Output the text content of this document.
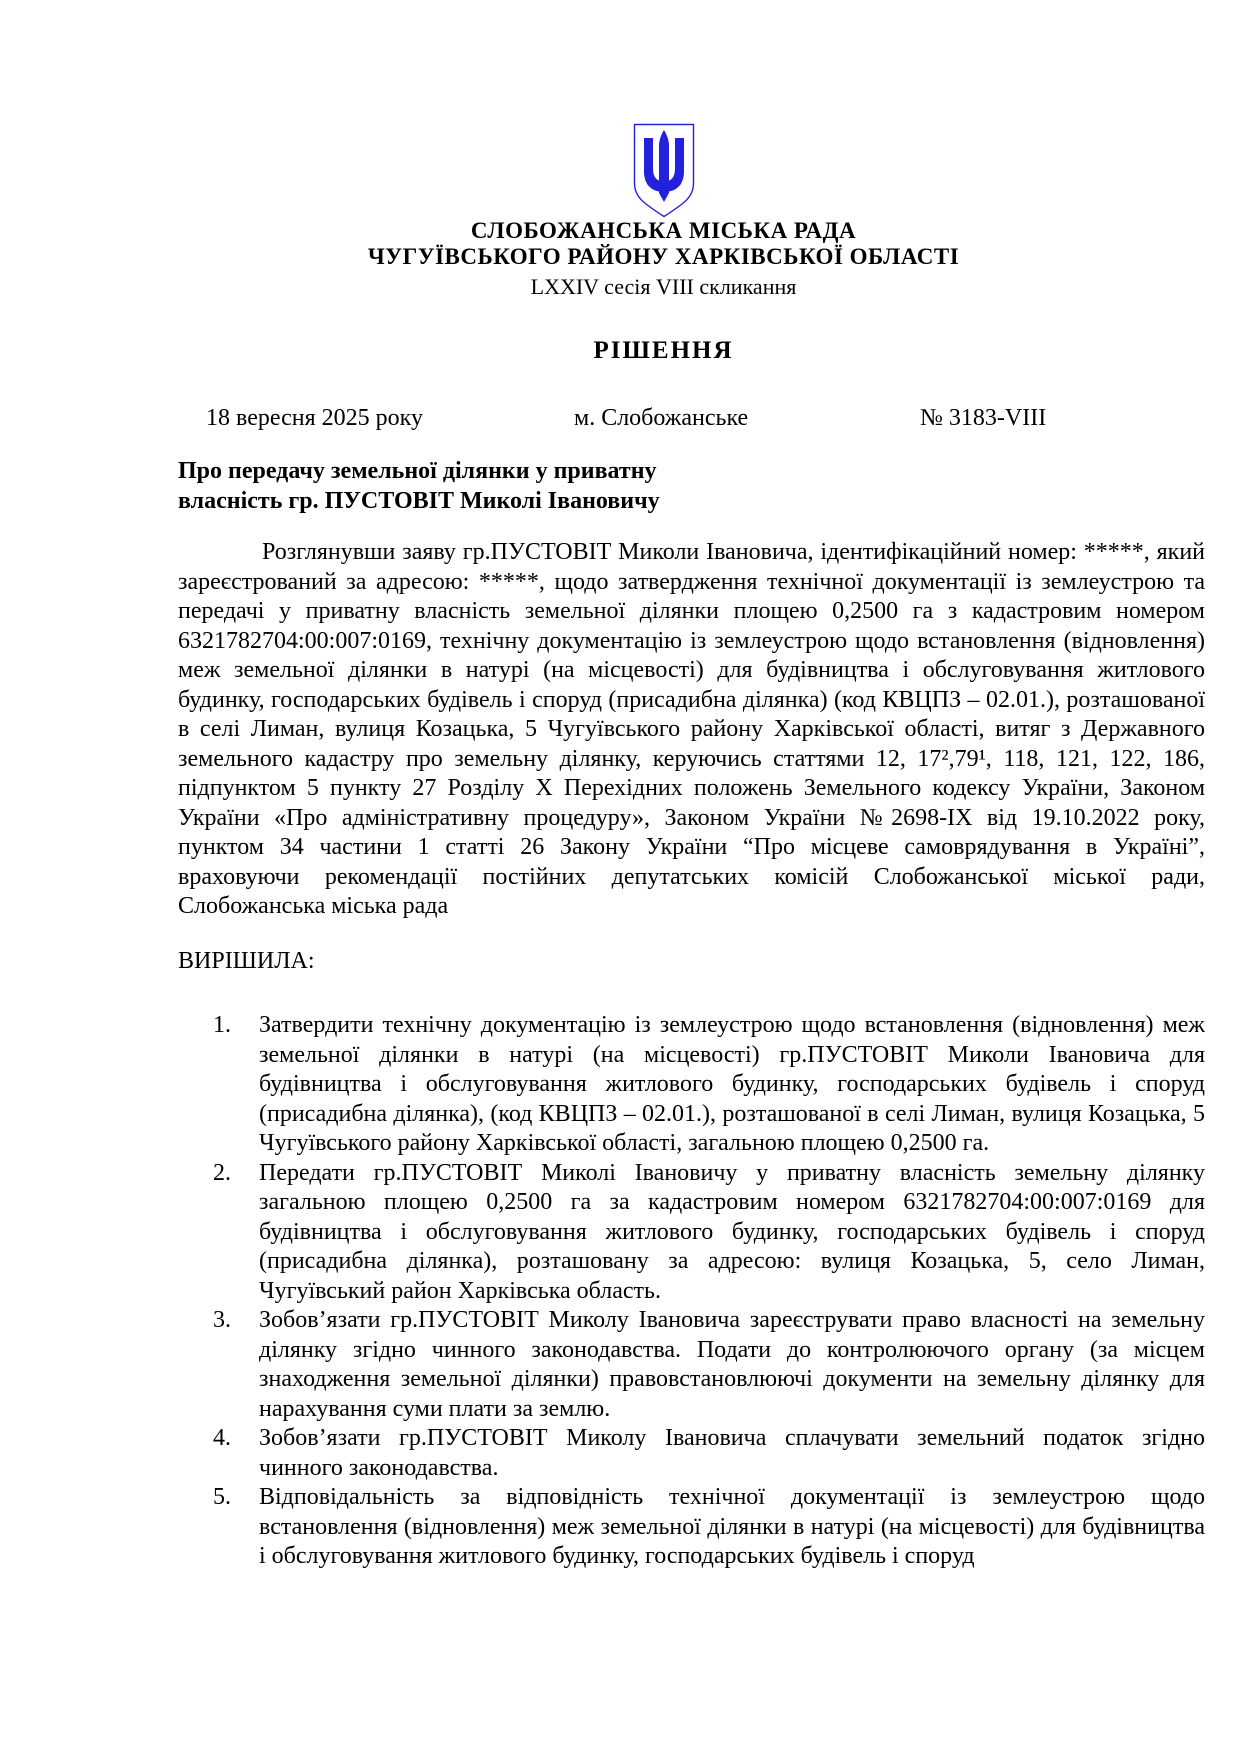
СЛОБОЖАНСЬКА МІСЬКА РАДА
ЧУГУЇВСЬКОГО РАЙОНУ ХАРКІВСЬКОЇ ОБЛАСТІ
LXXIV сесія VIII скликання
РІШЕННЯ
18 вересня 2025 року	м. Слобожанське	№ 3183-VIII
Про передачу земельної ділянки у приватну
власність гр. ПУСТОВІТ Миколі Івановичу
Розглянувши заяву гр.ПУСТОВІТ Миколи Івановича, ідентифікаційний номер: *****, який зареєстрований за адресою: *****, щодо затвердження технічної документації із землеустрою та передачі у приватну власність земельної ділянки площею 0,2500 га з кадастровим номером 6321782704:00:007:0169, технічну документацію із землеустрою щодо встановлення (відновлення) меж земельної ділянки в натурі (на місцевості) для будівництва і обслуговування житлового будинку, господарських будівель і споруд (присадибна ділянка) (код КВЦПЗ – 02.01.), розташованої в селі Лиман, вулиця Козацька, 5 Чугуївського району Харківської області, витяг з Державного земельного кадастру про земельну ділянку, керуючись статтями 12, 17²,79¹, 118, 121, 122, 186, підпунктом 5 пункту 27 Розділу X Перехідних положень Земельного кодексу України, Законом України «Про адміністративну процедуру», Законом України №2698-IX від 19.10.2022 року, пунктом 34 частини 1 статті 26 Закону України “Про місцеве самоврядування в Україні”, враховуючи рекомендації постійних депутатських комісій Слобожанської міської ради, Слобожанська міська рада
ВИРІШИЛА:
1.	Затвердити технічну документацію із землеустрою щодо встановлення (відновлення) меж земельної ділянки в натурі (на місцевості) гр.ПУСТОВІТ Миколи Івановича для будівництва і обслуговування житлового будинку, господарських будівель і споруд (присадибна ділянка), (код КВЦПЗ – 02.01.), розташованої в селі Лиман, вулиця Козацька, 5 Чугуївського району Харківської області, загальною площею 0,2500 га.
2.	Передати гр.ПУСТОВІТ Миколі Івановичу у приватну власність земельну ділянку загальною площею 0,2500 га за кадастровим номером 6321782704:00:007:0169 для будівництва і обслуговування житлового будинку, господарських будівель і споруд (присадибна ділянка), розташовану за адресою: вулиця Козацька, 5, село Лиман, Чугуївський район Харківська область.
3.	Зобов’язати гр.ПУСТОВІТ Миколу Івановича зареєструвати право власності на земельну ділянку згідно чинного законодавства. Подати до контролюючого органу (за місцем знаходження земельної ділянки) правовстановлюючі документи на земельну ділянку для нарахування суми плати за землю.
4.	Зобов’язати гр.ПУСТОВІТ Миколу Івановича сплачувати земельний податок згідно чинного законодавства.
5.	Відповідальність за відповідність технічної документації із землеустрою щодо встановлення (відновлення) меж земельної ділянки в натурі (на місцевості) для будівництва і обслуговування житлового будинку, господарських будівель і споруд
